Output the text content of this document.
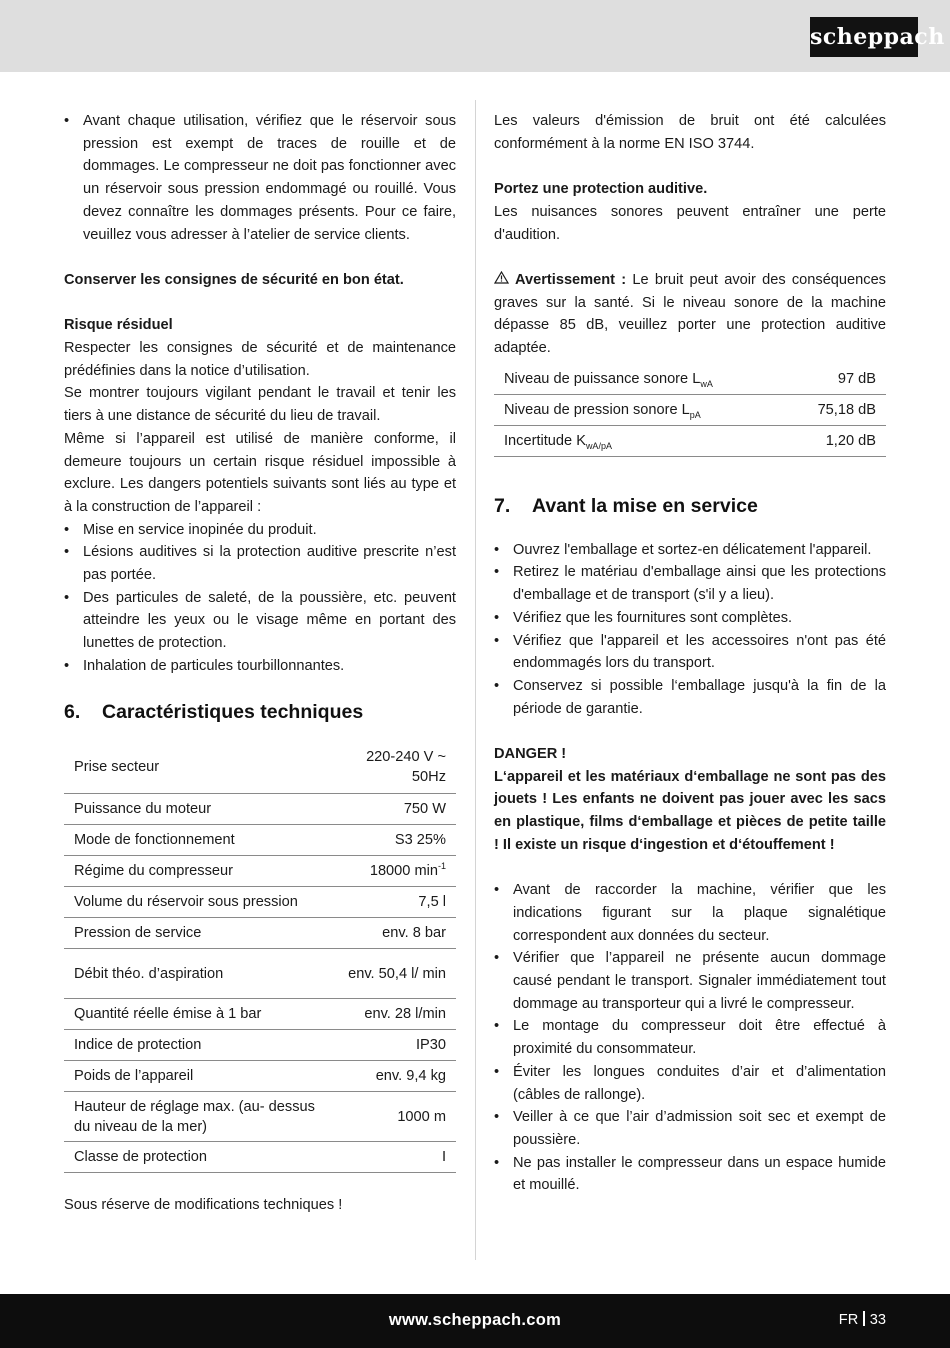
scheppach
• Avant chaque utilisation, vérifiez que le réservoir sous pression est exempt de traces de rouille et de dommages. Le compresseur ne doit pas fonctionner avec un réservoir sous pression endommagé ou rouillé. Vous devez connaître les dommages présents. Pour ce faire, veuillez vous adresser à l’atelier de service clients.

Conserver les consignes de sécurité en bon état.

Risque résiduel

Respecter les consignes de sécurité et de maintenance prédéfinies dans la notice d’utilisation.

Se montrer toujours vigilant pendant le travail et tenir les tiers à une distance de sécurité du lieu de travail.

Même si l’appareil est utilisé de manière conforme, il demeure toujours un certain risque résiduel impossible à exclure. Les dangers potentiels suivants sont liés au type et à la construction de l’appareil :

• Mise en service inopinée du produit.
• Lésions auditives si la protection auditive prescrite n’est pas portée.
• Des particules de saleté, de la poussière, etc. peuvent atteindre les yeux ou le visage même en portant des lunettes de protection.
• Inhalation de particules tourbillonnantes.
6.	Caractéristiques techniques
Prise secteur	220-240 V ~ 50Hz
Puissance du moteur	750 W
Mode de fonctionnement	S3 25%
Régime du compresseur	18000 $\min^{-1}$
Volume du réservoir sous pression	7,5 l
Pression de service	env. 8 bar
Débit théo. d’aspiration	env. 50,4 l/ min
Quantité réelle émise à 1 bar	env. 28 l/min
Indice de protection	IP30
Poids de l’appareil	env. 9,4 kg
Hauteur de réglage max. (au- dessus du niveau de la mer)	1000 m
Classe de protection	I

Sous réserve de modifications techniques !

Les valeurs d'émission de bruit ont été calculées conformément à la norme EN ISO 3744.

Portez une protection auditive.

Les nuisances sonores peuvent entraîner une perte d'audition.

Avertissement : Le bruit peut avoir des conséquences graves sur la santé. Si le niveau sonore de la machine dépasse 85 dB, veuillez porter une protection auditive adaptée.

Niveau de puissance sonore $L_{wA}$	97 dB
Niveau de pression sonore $L_{pA}$	75,18 dB
Incertitude $K_{wA/pA}$	1,20 dB
7.	Avant la mise en service
• Ouvrez l'emballage et sortez-en délicatement l'appareil.
• Retirez le matériau d'emballage ainsi que les protections d'emballage et de transport (s'il y a lieu).
• Vérifiez que les fournitures sont complètes.
• Vérifiez que l'appareil et les accessoires n'ont pas été endommagés lors du transport.
• Conservez si possible l‘emballage jusqu'à la fin de la période de garantie.

DANGER !

L‘appareil et les matériaux d‘emballage ne sont pas des jouets ! Les enfants ne doivent pas jouer avec les sacs en plastique, films d‘emballage et pièces de petite taille ! Il existe un risque d‘ingestion et d‘étouffement !

• Avant de raccorder la machine, vérifier que les indications figurant sur la plaque signalétique correspondent aux données du secteur.
• Vérifier que l’appareil ne présente aucun dommage causé pendant le transport. Signaler immédiatement tout dommage au transporteur qui a livré le compresseur.
• Le montage du compresseur doit être effectué à proximité du consommateur.
• Éviter les longues conduites d’air et d’alimentation (câbles de rallonge).
• Veiller à ce que l’air d’admission soit sec et exempt de poussière.
• Ne pas installer le compresseur dans un espace humide et mouillé.
www.scheppach.com	FR 33
